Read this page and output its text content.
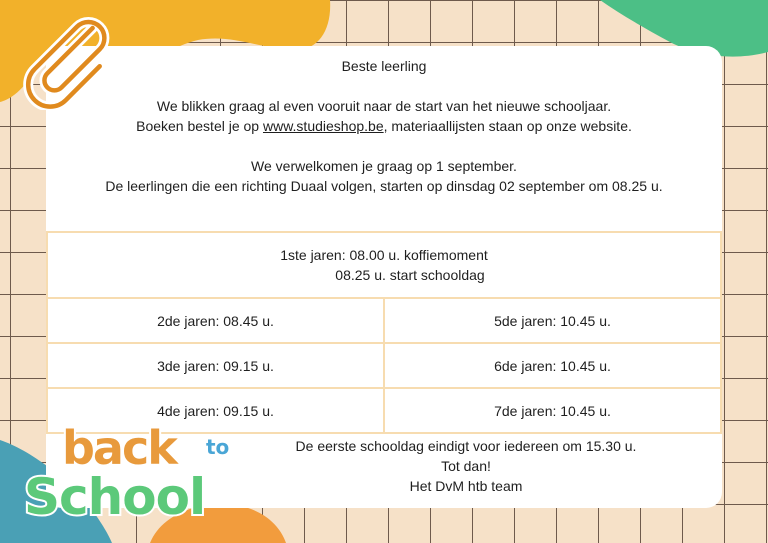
Beste leerling
We blikken graag al even vooruit naar de start van het nieuwe schooljaar.
Boeken bestel je op www.studieshop.be, materiaallijsten staan op onze website.
We verwelkomen je graag op 1 september.
De leerlingen die een richting Duaal volgen, starten op dinsdag 02 september om 08.25 u.
1ste jaren: 08.00 u. koffiemoment
08.25 u. start schooldag	

2de jaren: 08.45 u.	5de jaren: 10.45 u.
3de jaren: 09.15 u.	6de jaren: 10.45 u.
4de jaren: 09.15 u.	7de jaren: 10.45 u.
De eerste schooldag eindigt voor iedereen om 15.30 u.
Tot dan!
Het DvM htb team
back to
School
